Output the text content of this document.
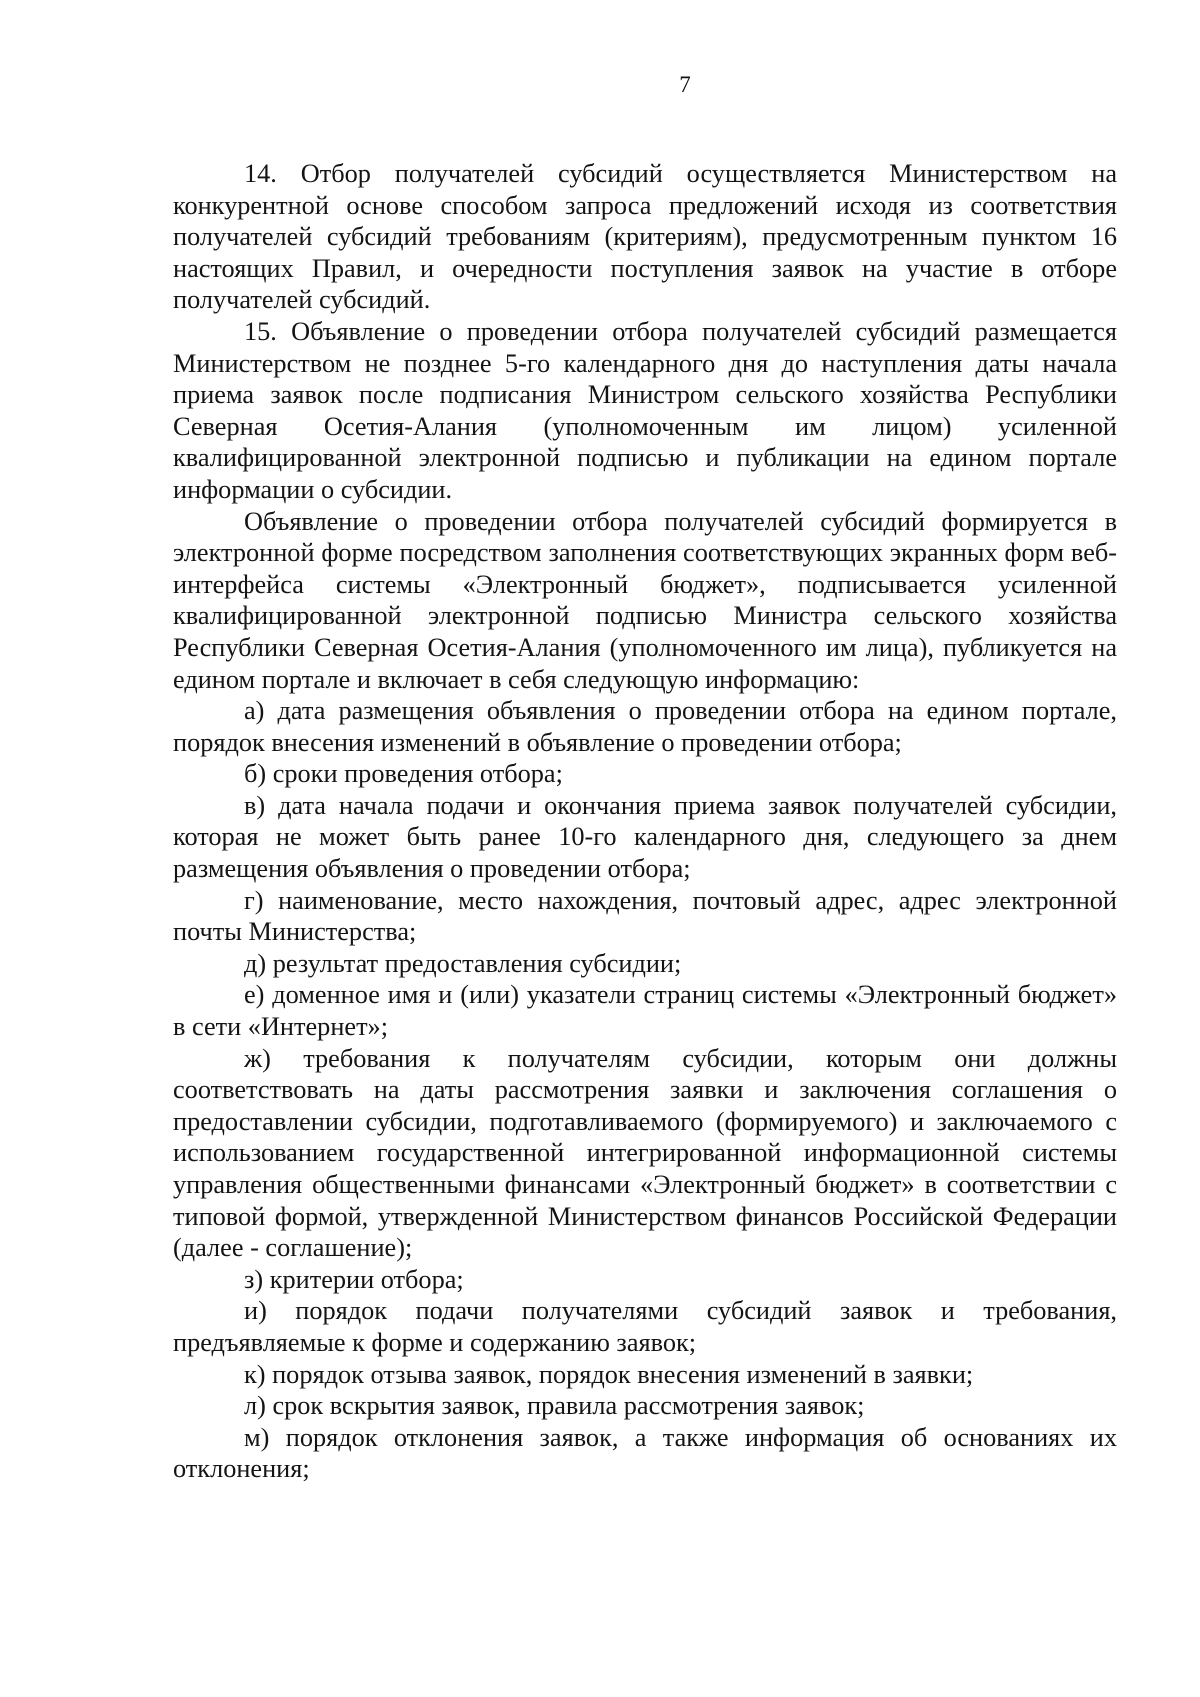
7

14. Отбор получателей субсидий осуществляется Министерством на конкурентной основе способом запроса предложений исходя из соответствия получателей субсидий требованиям (критериям), предусмотренным пунктом 16 настоящих Правил, и очередности поступления заявок на участие в отборе получателей субсидий.

15. Объявление о проведении отбора получателей субсидий размещается Министерством не позднее 5-го календарного дня до наступления даты начала приема заявок после подписания Министром сельского хозяйства Республики Северная Осетия-Алания (уполномоченным им лицом) усиленной квалифицированной электронной подписью и публикации на едином портале информации о субсидии.

Объявление о проведении отбора получателей субсидий формируется в электронной форме посредством заполнения соответствующих экранных форм веб-интерфейса системы «Электронный бюджет», подписывается усиленной квалифицированной электронной подписью Министра сельского хозяйства Республики Северная Осетия-Алания (уполномоченного им лица), публикуется на едином портале и включает в себя следующую информацию:

а) дата размещения объявления о проведении отбора на едином портале, порядок внесения изменений в объявление о проведении отбора;

б) сроки проведения отбора;

в) дата начала подачи и окончания приема заявок получателей субсидии, которая не может быть ранее 10-го календарного дня, следующего за днем размещения объявления о проведении отбора;

г) наименование, место нахождения, почтовый адрес, адрес электронной почты Министерства;

д) результат предоставления субсидии;

е) доменное имя и (или) указатели страниц системы «Электронный бюджет» в сети «Интернет»;

ж) требования к получателям субсидии, которым они должны соответствовать на даты рассмотрения заявки и заключения соглашения о предоставлении субсидии, подготавливаемого (формируемого) и заключаемого с использованием государственной интегрированной информационной системы управления общественными финансами «Электронный бюджет» в соответствии с типовой формой, утвержденной Министерством финансов Российской Федерации (далее - соглашение);

з) критерии отбора;

и) порядок подачи получателями субсидий заявок и требования, предъявляемые к форме и содержанию заявок;

к) порядок отзыва заявок, порядок внесения изменений в заявки;

л) срок вскрытия заявок, правила рассмотрения заявок;

м) порядок отклонения заявок, а также информация об основаниях их отклонения;
